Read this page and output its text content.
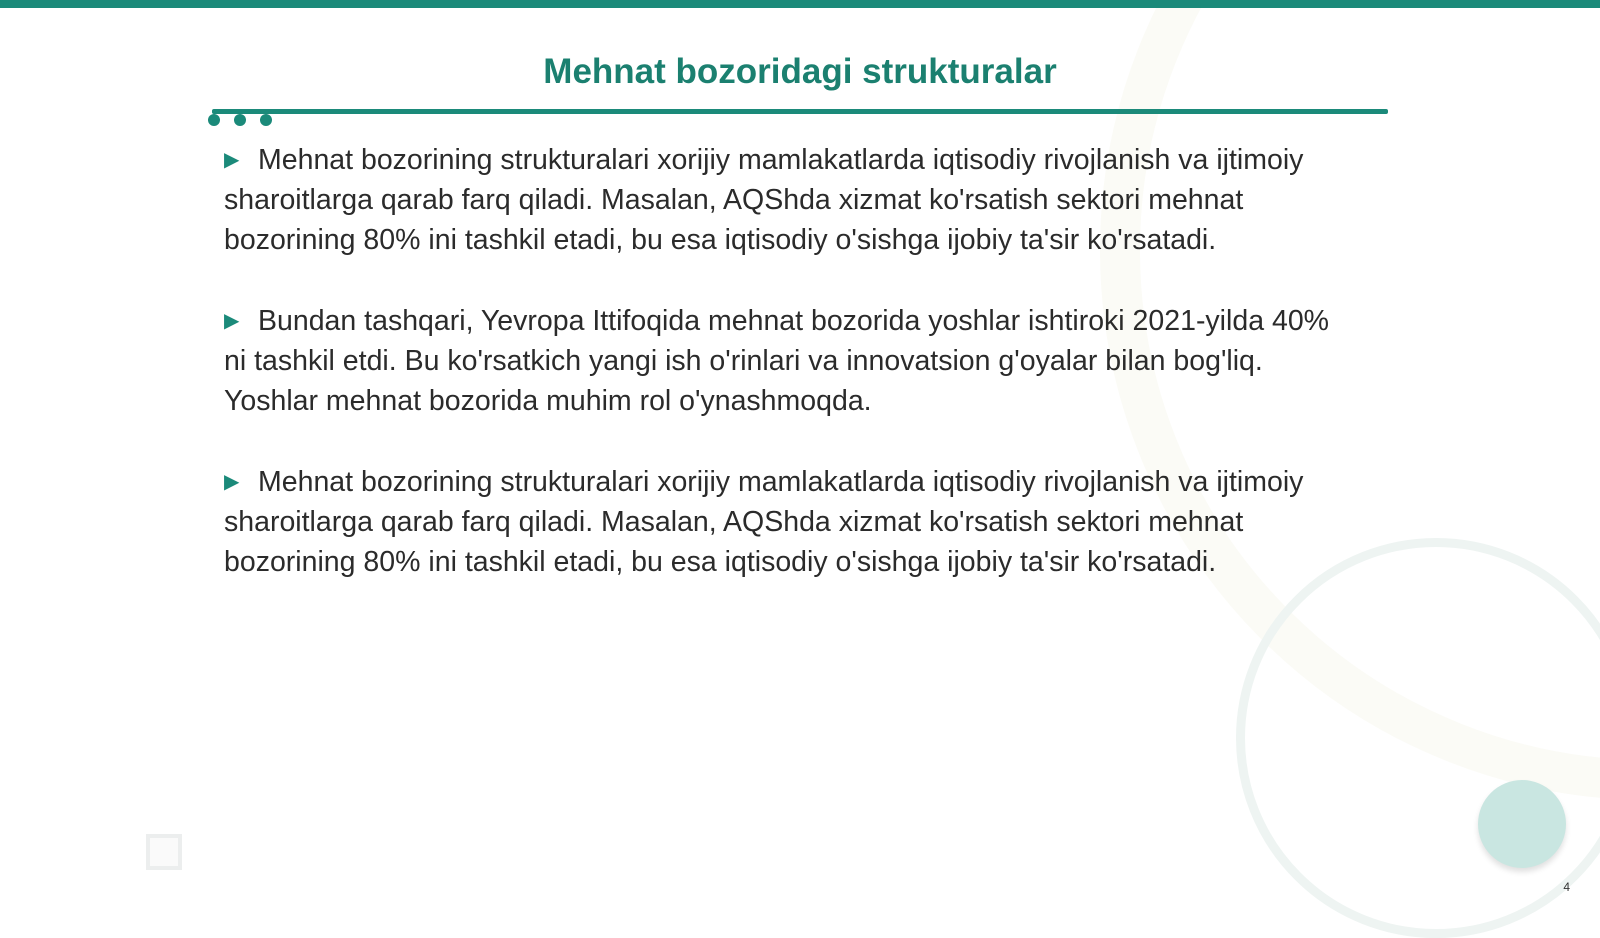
Mehnat bozoridagi strukturalar

▶ Mehnat bozorining strukturalari xorijiy mamlakatlarda iqtisodiy rivojlanish va ijtimoiy sharoitlarga qarab farq qiladi. Masalan, AQShda xizmat ko'rsatish sektori mehnat bozorining 80% ini tashkil etadi, bu esa iqtisodiy o'sishga ijobiy ta'sir ko'rsatadi.

▶ Bundan tashqari, Yevropa Ittifoqida mehnat bozorida yoshlar ishtiroki 2021-yilda 40% ni tashkil etdi. Bu ko'rsatkich yangi ish o'rinlari va innovatsion g'oyalar bilan bog'liq. Yoshlar mehnat bozorida muhim rol o'ynashmoqda.

▶ Mehnat bozorining strukturalari xorijiy mamlakatlarda iqtisodiy rivojlanish va ijtimoiy sharoitlarga qarab farq qiladi. Masalan, AQShda xizmat ko'rsatish sektori mehnat bozorining 80% ini tashkil etadi, bu esa iqtisodiy o'sishga ijobiy ta'sir ko'rsatadi.

4
